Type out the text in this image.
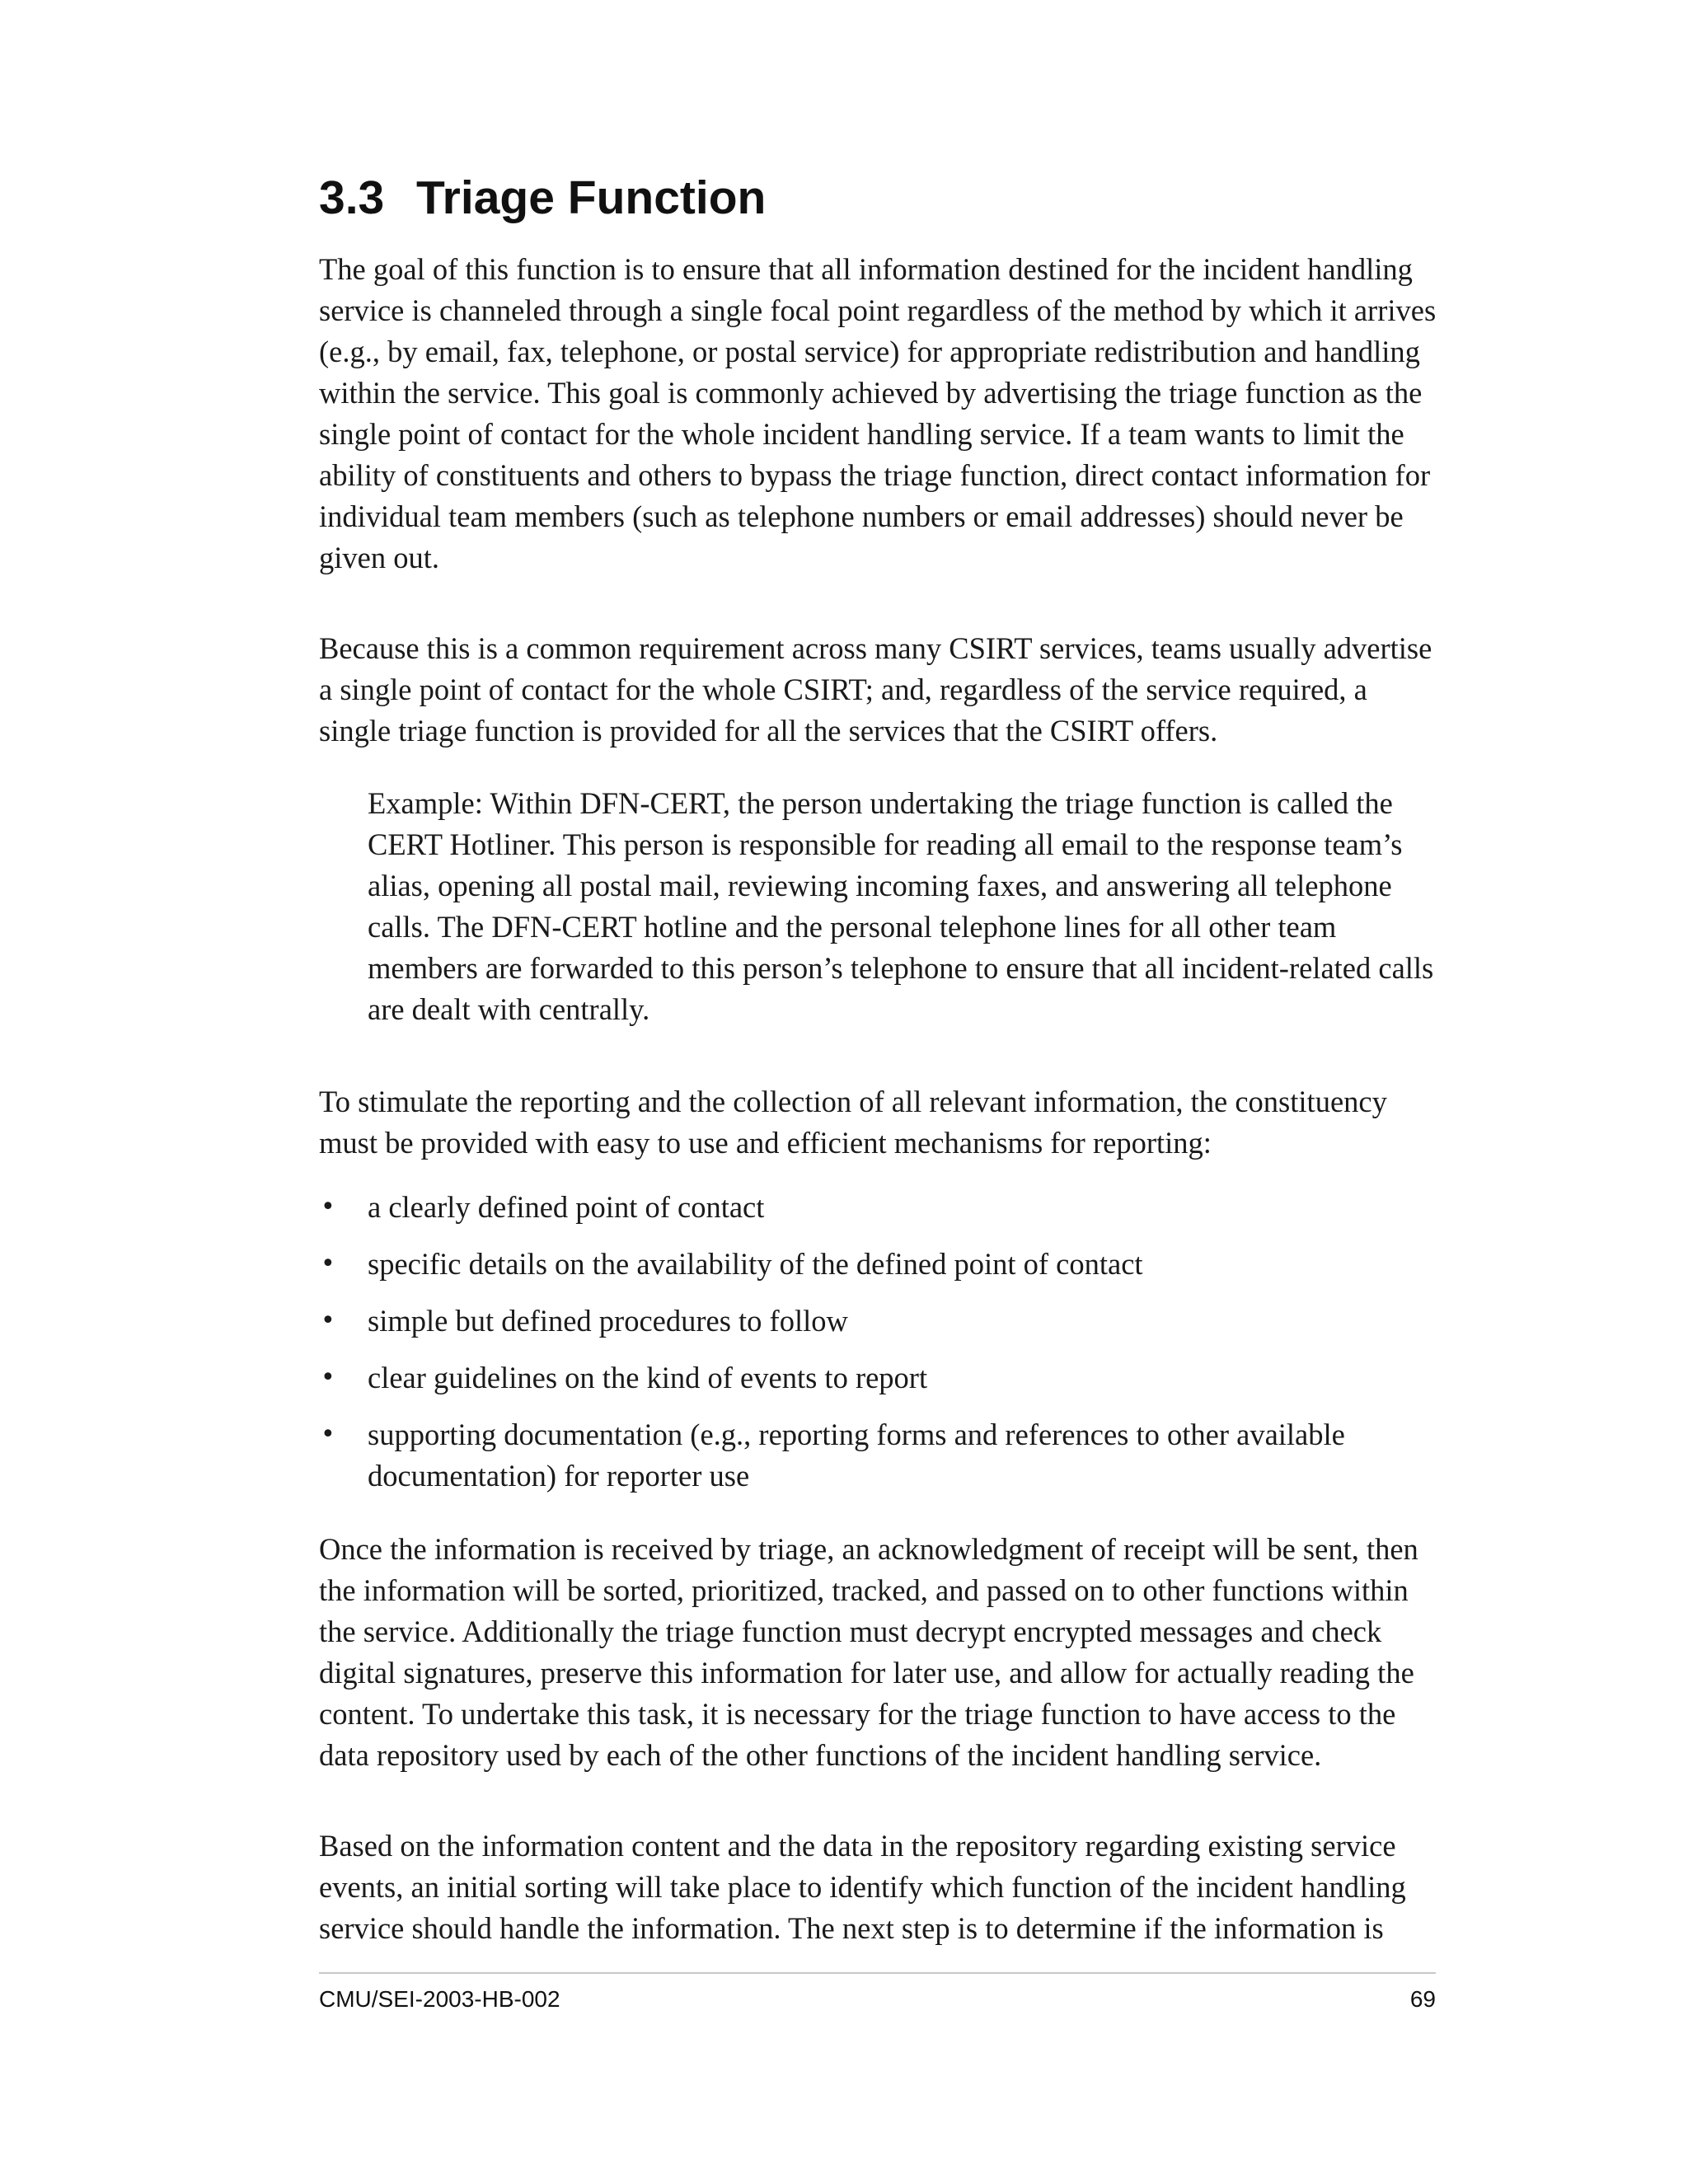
3.3 Triage Function

The goal of this function is to ensure that all information destined for the incident handling service is channeled through a single focal point regardless of the method by which it arrives (e.g., by email, fax, telephone, or postal service) for appropriate redistribution and handling within the service. This goal is commonly achieved by advertising the triage function as the single point of contact for the whole incident handling service. If a team wants to limit the ability of constituents and others to bypass the triage function, direct contact information for individual team members (such as telephone numbers or email addresses) should never be given out.

Because this is a common requirement across many CSIRT services, teams usually advertise a single point of contact for the whole CSIRT; and, regardless of the service required, a single triage function is provided for all the services that the CSIRT offers.

Example: Within DFN-CERT, the person undertaking the triage function is called the CERT Hotliner. This person is responsible for reading all email to the response team’s alias, opening all postal mail, reviewing incoming faxes, and answering all telephone calls. The DFN-CERT hotline and the personal telephone lines for all other team members are forwarded to this person’s telephone to ensure that all incident-related calls are dealt with centrally.

To stimulate the reporting and the collection of all relevant information, the constituency must be provided with easy to use and efficient mechanisms for reporting:

• a clearly defined point of contact
• specific details on the availability of the defined point of contact
• simple but defined procedures to follow
• clear guidelines on the kind of events to report
• supporting documentation (e.g., reporting forms and references to other available documentation) for reporter use

Once the information is received by triage, an acknowledgment of receipt will be sent, then the information will be sorted, prioritized, tracked, and passed on to other functions within the service. Additionally the triage function must decrypt encrypted messages and check digital signatures, preserve this information for later use, and allow for actually reading the content. To undertake this task, it is necessary for the triage function to have access to the data repository used by each of the other functions of the incident handling service.

Based on the information content and the data in the repository regarding existing service events, an initial sorting will take place to identify which function of the incident handling service should handle the information. The next step is to determine if the information is

CMU/SEI-2003-HB-002	69
